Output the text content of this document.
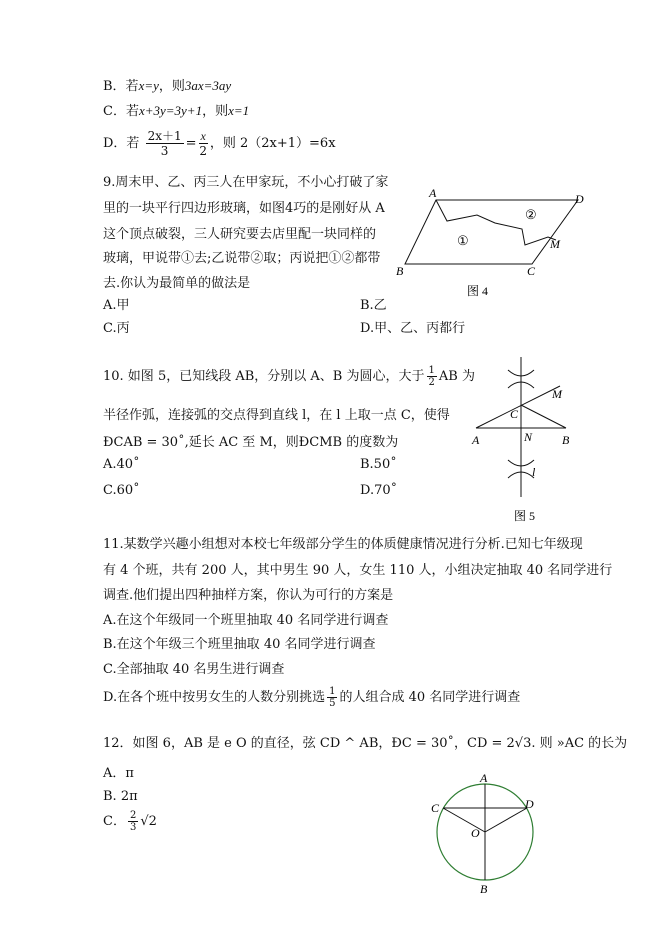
B．若x=y，则3ax=3ay
C．若x+3y=3y+1，则x=1
D．若 $\frac{2x+1}{3} = \frac{x}{2}$ ，则 2（2x+1）=6x
9.周末甲、乙、丙三人在甲家玩，不小心打破了家
里的一块平行四边形玻璃，如图4巧的是刚好从 A
这个顶点破裂，三人研究要去店里配一块同样的
玻璃，甲说带①去;乙说带②取；丙说把①②都带
去.你认为最简单的做法是
A.甲	B.乙
C.丙	D.甲、乙、丙都行
A	D
B	C
M
①
②
图 4
10. 如图 5，已知线段 AB，分别以 A、B 为圆心，大于 $\frac{1}{2}$ AB 为
半径作弧，连接弧的交点得到直线 l，在 l 上取一点 C，使得
ÐCAB = 30˚,延长 AC 至 M，则ÐCMB 的度数为
A.40˚	B.50˚
C.60˚	D.70˚
M
C
A	N B
l
图 5
11.某数学兴趣小组想对本校七年级部分学生的体质健康情况进行分析.已知七年级现
有 4 个班，共有 200 人，其中男生 90 人，女生 110 人，小组决定抽取 40 名同学进行
调查.他们提出四种抽样方案，你认为可行的方案是
A.在这个年级同一个班里抽取 40 名同学进行调查
B.在这个年级三个班里抽取 40 名同学进行调查
C.全部抽取 40 名男生进行调查
D.在各个班中按男女生的人数分别挑选 $\frac{1}{5}$ 的人组合成 40 名同学进行调查
12．如图 6，AB 是 e O 的直径，弦 CD ^ AB，ÐC = 30˚，CD = 2√3. 则 »AC 的长为
A．π
B. 2π
C． $\frac{2}{3} √2$
A
C	D
O
B
